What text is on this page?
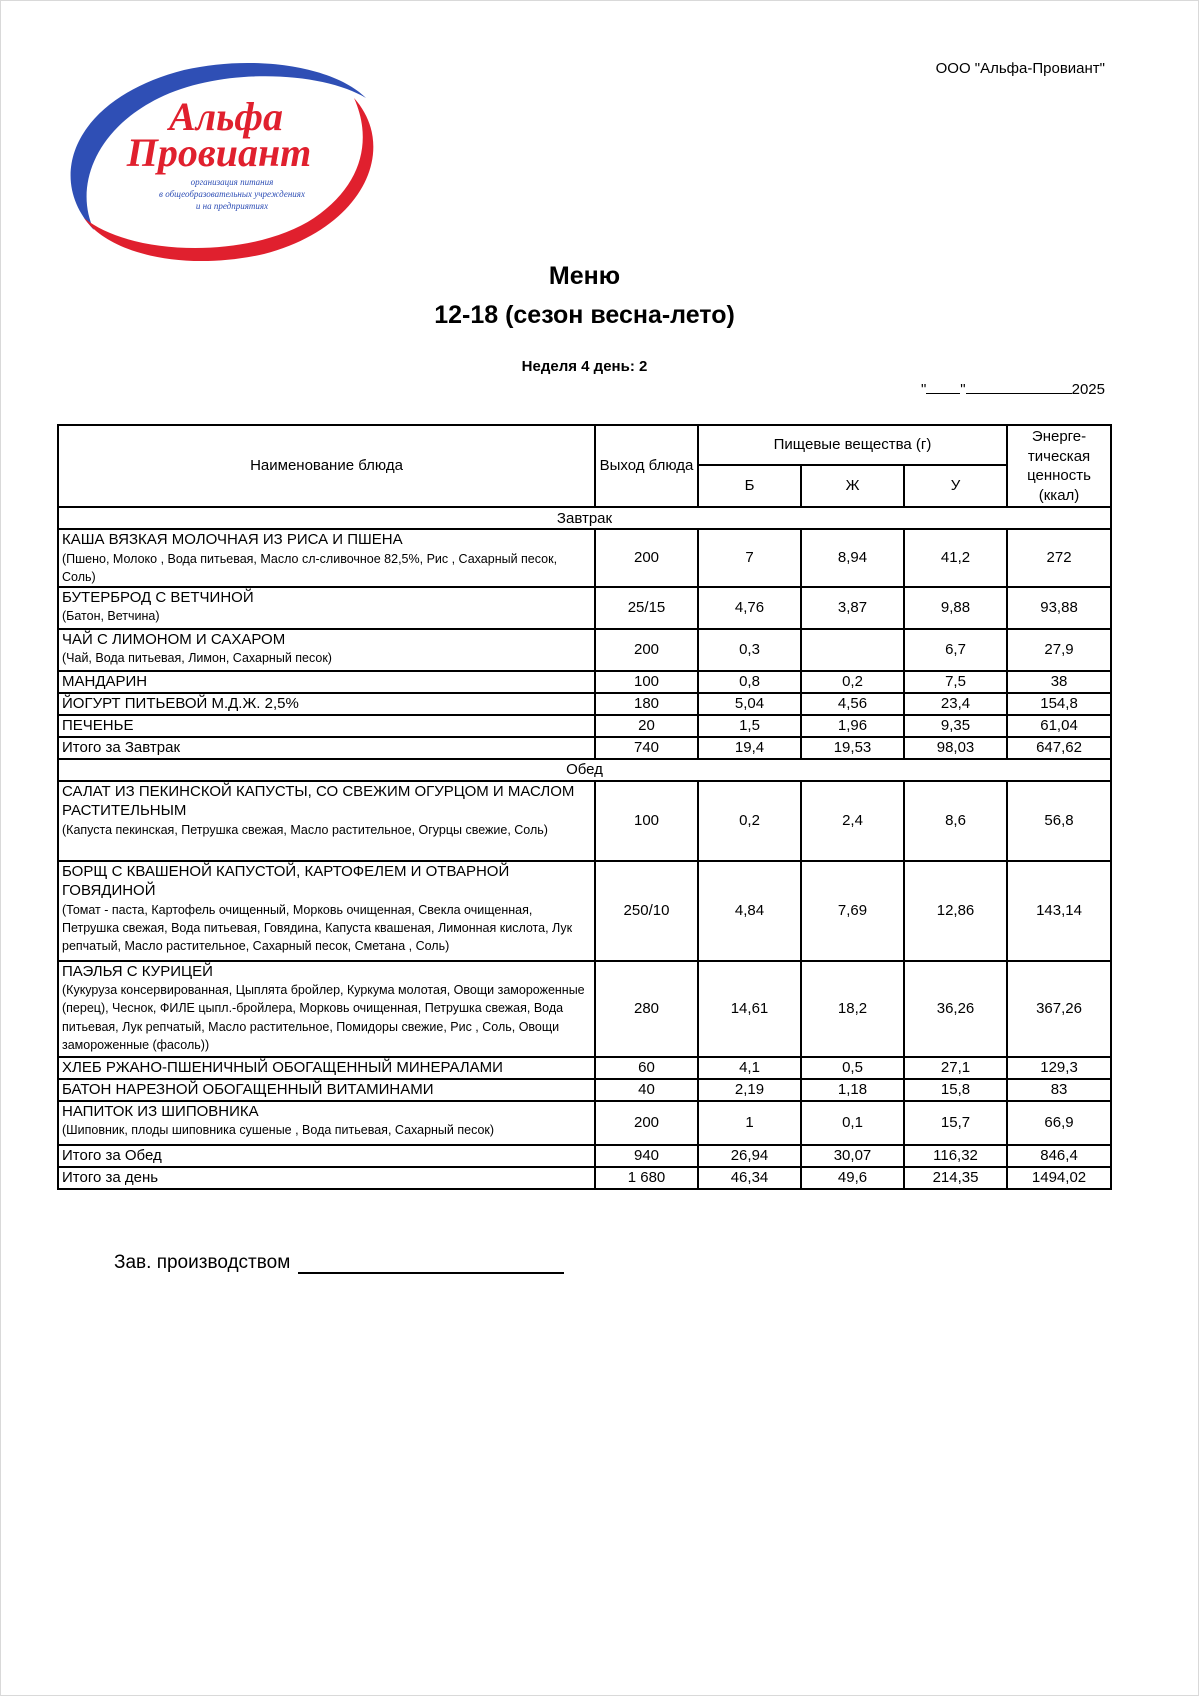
ООО "Альфа-Провиант"
Альфа
Провиант
организация питания
в общеобразовательных учреждениях
и на предприятиях
Меню
12-18 (сезон весна-лето)
Неделя 4 день: 2
" "	2025
Наименование блюда	Выход блюда	Пищевые вещества (г)			Энерге-тическая ценность (ккал)
		Б	Ж	У	
Завтрак					

КАША ВЯЗКАЯ МОЛОЧНАЯ ИЗ РИСА И ПШЕНА
(Пшено, Молоко , Вода питьевая, Масло сл-сливочное 82,5%, Рис , Сахарный песок, Соль)	200	7	8,94	41,2	272

БУТЕРБРОД С ВЕТЧИНОЙ
(Батон, Ветчина)	25/15	4,76	3,87	9,88	93,88

ЧАЙ С ЛИМОНОМ И САХАРОМ
(Чай, Вода питьевая, Лимон, Сахарный песок)	200	0,3		6,7	27,9

МАНДАРИН	100	0,8	0,2	7,5	38

ЙОГУРТ ПИТЬЕВОЙ М.Д.Ж. 2,5%	180	5,04	4,56	23,4	154,8

ПЕЧЕНЬЕ	20	1,5	1,96	9,35	61,04
Итого за Завтрак	740	19,4	19,53	98,03	647,62
Обед					

САЛАТ ИЗ ПЕКИНСКОЙ КАПУСТЫ, СО СВЕЖИМ ОГУРЦОМ И МАСЛОМ РАСТИТЕЛЬНЫМ
(Капуста пекинская, Петрушка свежая, Масло растительное, Огурцы свежие, Соль)	100	0,2	2,4	8,6	56,8

БОРЩ С КВАШЕНОЙ КАПУСТОЙ, КАРТОФЕЛЕМ И ОТВАРНОЙ ГОВЯДИНОЙ
(Томат - паста, Картофель очищенный, Морковь очищенная, Свекла очищенная, Петрушка свежая, Вода питьевая, Говядина, Капуста квашеная, Лимонная кислота, Лук репчатый, Масло растительное, Сахарный песок, Сметана , Соль)	250/10	4,84	7,69	12,86	143,14

ПАЭЛЬЯ С КУРИЦЕЙ
(Кукуруза консервированная, Цыплята бройлер, Куркума молотая, Овощи замороженные (перец), Чеснок, ФИЛЕ цыпл.-бройлера, Морковь очищенная, Петрушка свежая, Вода питьевая, Лук репчатый, Масло растительное, Помидоры свежие, Рис , Соль, Овощи замороженные (фасоль))	280	14,61	18,2	36,26	367,26

ХЛЕБ РЖАНО-ПШЕНИЧНЫЙ ОБОГАЩЕННЫЙ МИНЕРАЛАМИ	60	4,1	0,5	27,1	129,3

БАТОН НАРЕЗНОЙ ОБОГАЩЕННЫЙ ВИТАМИНАМИ	40	2,19	1,18	15,8	83

НАПИТОК ИЗ ШИПОВНИКА
(Шиповник, плоды шиповника сушеные , Вода питьевая, Сахарный песок)	200	1	0,1	15,7	66,9
Итого за Обед	940	26,94	30,07	116,32	846,4
Итого за день	1 680	46,34	49,6	214,35	1494,02
Зав. производством
